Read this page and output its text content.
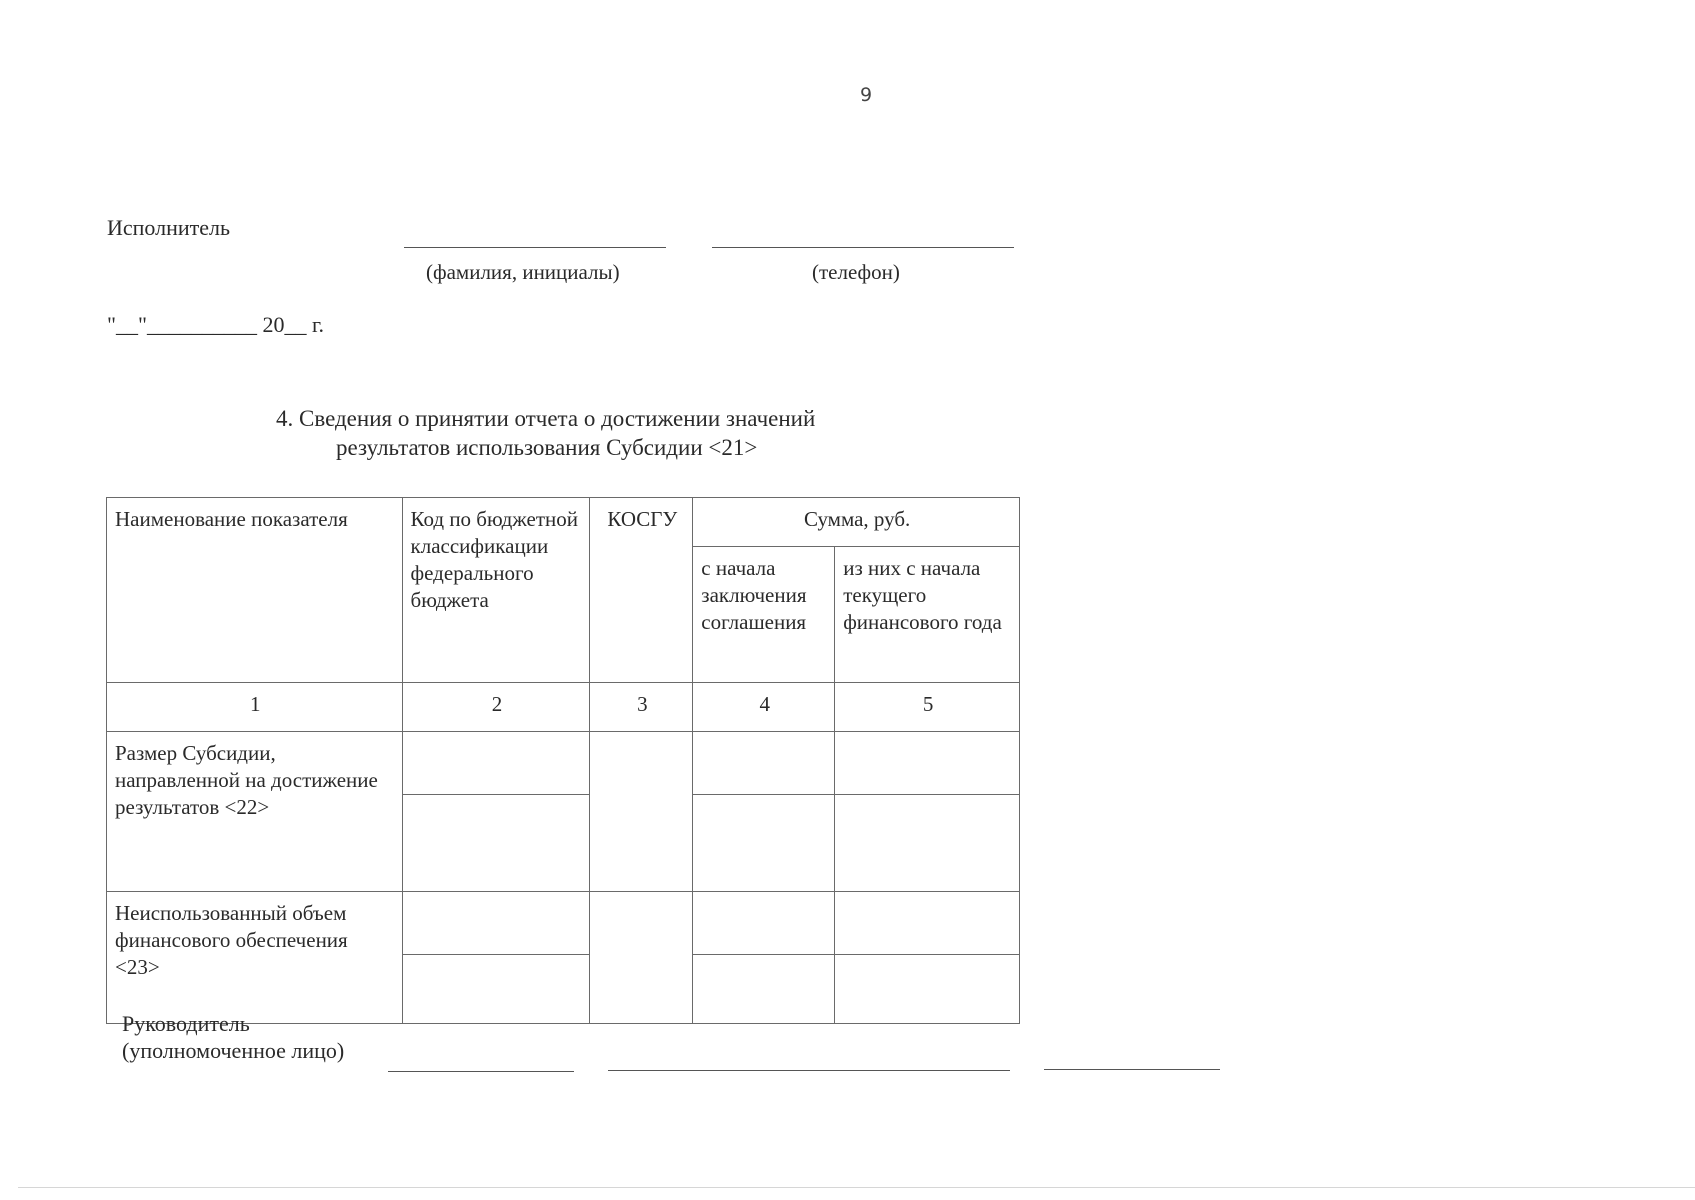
9
Исполнитель
(фамилия, инициалы)	(телефон)
"__"__________ 20__ г.
4. Сведения о принятии отчета о достижении значений
результатов использования Субсидии <21>
Наименование показателя	Код по бюджетной классификации федерального бюджета	КОСГУ	Сумма, руб.	
			с начала заключения соглашения	из них с начала текущего финансового года
1	2	3	4	5
Размер Субсидии, направленной на достижение результатов <22>				

Неиспользованный объем финансового обеспечения <23>				

Руководитель
(уполномоченное лицо)
